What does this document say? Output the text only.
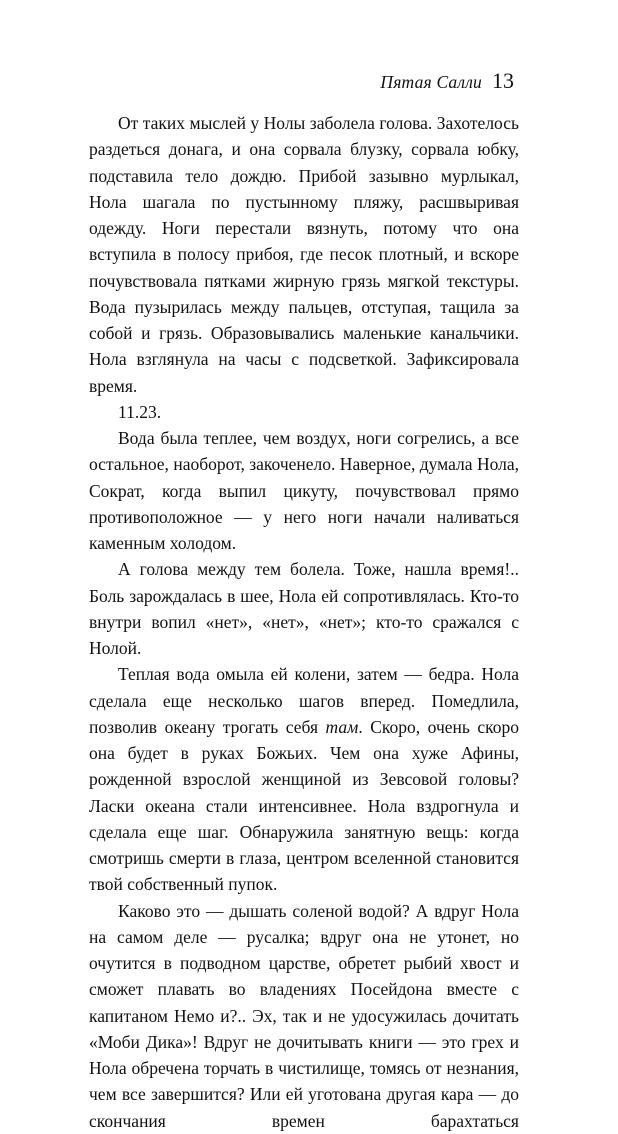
Пятая Салли 13

От таких мыслей у Нолы заболела голова. Захотелось раздеться донага, и она сорвала блузку, сорвала юбку, подставила тело дождю. Прибой зазывно мурлыкал, Нола шагала по пустынному пляжу, расшвыривая одежду. Ноги перестали вязнуть, потому что она вступила в полосу прибоя, где песок плотный, и вскоре почувствовала пятками жирную грязь мягкой текстуры. Вода пузырилась между пальцев, отступая, тащила за собой и грязь. Образовывались маленькие канальчики. Нола взглянула на часы с подсветкой. Зафиксировала время.

11.23.

Вода была теплее, чем воздух, ноги согрелись, а все остальное, наоборот, закоченело. Наверное, думала Нола, Сократ, когда выпил цикуту, почувствовал прямо противоположное — у него ноги начали наливаться каменным холодом.

А голова между тем болела. Тоже, нашла время!.. Боль зарождалась в шее, Нола ей сопротивлялась. Кто-то внутри вопил «нет», «нет», «нет»; кто-то сражался с Нолой.

Теплая вода омыла ей колени, затем — бедра. Нола сделала еще несколько шагов вперед. Помедлила, позволив океану трогать себя там. Скоро, очень скоро она будет в руках Божьих. Чем она хуже Афины, рожденной взрослой женщиной из Зевсовой головы? Ласки океана стали интенсивнее. Нола вздрогнула и сделала еще шаг. Обнаружила занятную вещь: когда смотришь смерти в глаза, центром вселенной становится твой собственный пупок.

Каково это — дышать соленой водой? А вдруг Нола на самом деле — русалка; вдруг она не утонет, но очутится в подводном царстве, обретет рыбий хвост и сможет плавать во владениях Посейдона вместе с капитаном Немо и?.. Эх, так и не удосужилась дочитать «Моби Дика»! Вдруг не дочитывать книги — это грех и Нола обречена торчать в чистилище, томясь от незнания, чем все завершится? Или ей уготована другая кара — до скончания времен барахтаться
